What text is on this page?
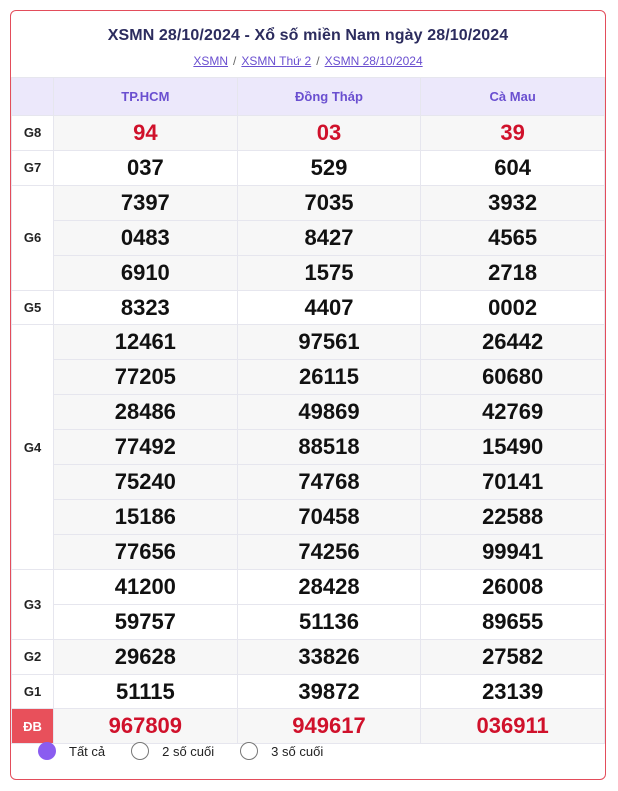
XSMN 28/10/2024 - Xổ số miền Nam ngày 28/10/2024
XSMN / XSMN Thứ 2 / XSMN 28/10/2024
	TP.HCM	Đồng Tháp	Cà Mau
G8	94	03	39
G7	037	529	604
G6	7397	7035	3932
	0483	8427	4565
	6910	1575	2718
G5	8323	4407	0002
G4	12461	97561	26442
	77205	26115	60680
	28486	49869	42769
	77492	88518	15490
	75240	74768	70141
	15186	70458	22588
	77656	74256	99941
G3	41200	28428	26008
	59757	51136	89655
G2	29628	33826	27582
G1	51115	39872	23139
ĐB	967809	949617	036911
Tất cả	2 số cuối	3 số cuối
